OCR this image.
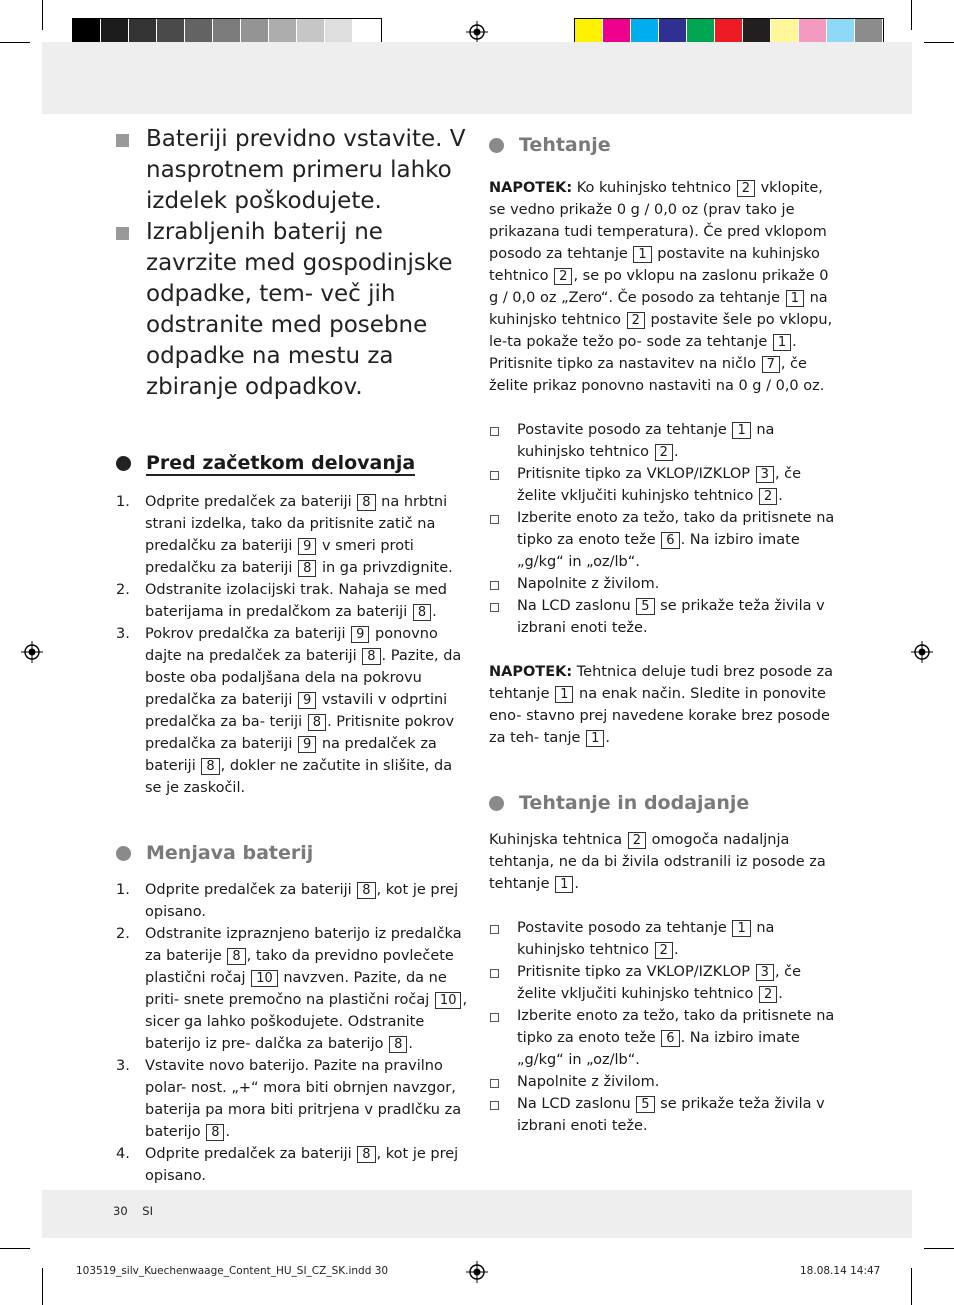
Bateriji previdno vstavite. V nasprotnem primeru lahko izdelek poškodujete.
Izrabljenih baterij ne zavrzite med gospodinjske odpadke, tem- več jih odstranite med posebne odpadke na mestu za zbiranje odpadkov.
Pred začetkom delovanja
1. Odprite predalček za bateriji 8 na hrbtni strani izdelka, tako da pritisnite zatič na predalčku za bateriji 9 v smeri proti predalčku za bateriji 8 in ga privzdignite.
2. Odstranite izolacijski trak. Nahaja se med baterijama in predalčkom za bateriji 8 .
3. Pokrov predalčka za bateriji 9 ponovno dajte na predalček za bateriji 8 . Pazite, da boste oba podaljšana dela na pokrovu predalčka za bateriji 9 vstavili v odprtini predalčka za ba- teriji 8 . Pritisnite pokrov predalčka za bateriji 9 na predalček za bateriji 8 , dokler ne začutite in slišite, da se je zaskočil.
Menjava baterij
1. Odprite predalček za bateriji 8 , kot je prej opisano.
2. Odstranite izpraznjeno baterijo iz predalčka za baterije 8 , tako da previdno povlečete plastični ročaj 10 navzven. Pazite, da ne priti- snete premočno na plastični ročaj 10 , sicer ga lahko poškodujete. Odstranite baterijo iz pre- dalčka za baterijo 8 .
3. Vstavite novo baterijo. Pazite na pravilno polar- nost. „+“ mora biti obrnjen navzgor, baterija pa mora biti pritrjena v pradlčku za baterijo 8 .
4. Odprite predalček za bateriji 8 , kot je prej opisano.
Tehtanje
NAPOTEK: Ko kuhinjsko tehtnico 2 vklopite, se vedno prikaže 0 g / 0,0 oz (prav tako je prikazana tudi temperatura). Če pred vklopom posodo za tehtanje 1 postavite na kuhinjsko tehtnico 2 , se po vklopu na zaslonu prikaže 0 g / 0,0 oz „Zero“. Če posodo za tehtanje 1 na kuhinjsko tehtnico 2 postavite šele po vklopu, le-ta pokaže težo po- sode za tehtanje 1 . Pritisnite tipko za nastavitev na ničlo 7 , če želite prikaz ponovno nastaviti na 0 g / 0,0 oz.
Postavite posodo za tehtanje 1 na kuhinjsko tehtnico 2 .
Pritisnite tipko za VKLOP/IZKLOP 3 , če želite vključiti kuhinjsko tehtnico 2 .
Izberite enoto za težo, tako da pritisnete na tipko za enoto teže 6 . Na izbiro imate „g/kg“ in „oz/lb“.
Napolnite z živilom.
Na LCD zaslonu 5 se prikaže teža živila v izbrani enoti teže.
NAPOTEK: Tehtnica deluje tudi brez posode za tehtanje 1 na enak način. Sledite in ponovite eno- stavno prej navedene korake brez posode za teh- tanje 1 .
Tehtanje in dodajanje
Kuhinjska tehtnica 2 omogoča nadaljnja tehtanja, ne da bi živila odstranili iz posode za tehtanje 1 .
Postavite posodo za tehtanje 1 na kuhinjsko tehtnico 2 .
Pritisnite tipko za VKLOP/IZKLOP 3 , če želite vključiti kuhinjsko tehtnico 2 .
Izberite enoto za težo, tako da pritisnete na tipko za enoto teže 6 . Na izbiro imate „g/kg“ in „oz/lb“.
Napolnite z živilom.
Na LCD zaslonu 5 se prikaže teža živila v izbrani enoti teže.
30 SI
103519_silv_Kuechenwaage_Content_HU_SI_CZ_SK.indd 30	18.08.14 14:47
